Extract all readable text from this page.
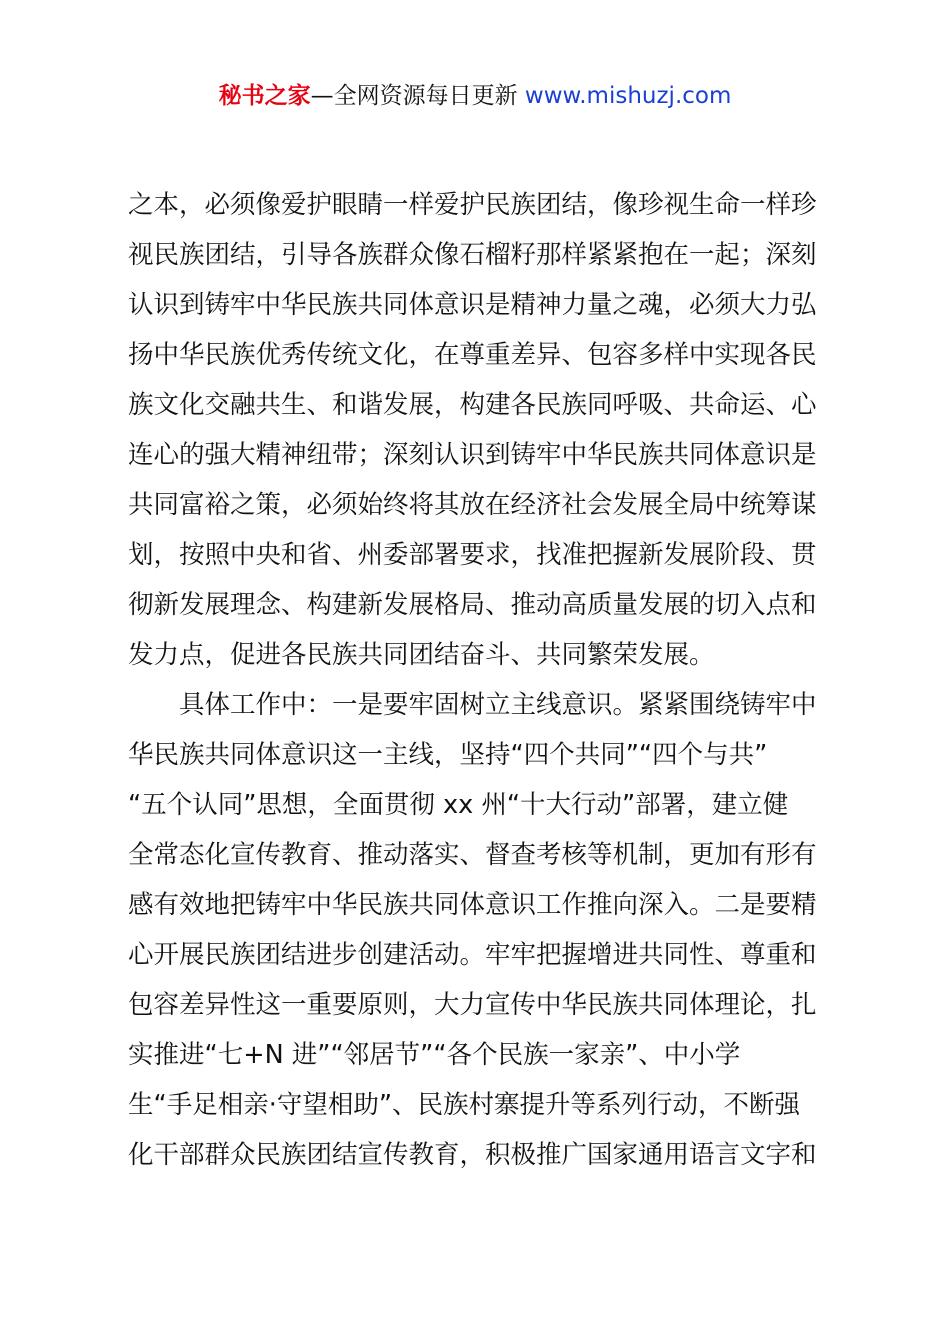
秘书之家—全网资源每日更新 www.mishuzj.com
之本，必须像爱护眼睛一样爱护民族团结，像珍视生命一样珍
视民族团结，引导各族群众像石榴籽那样紧紧抱在一起；深刻
认识到铸牢中华民族共同体意识是精神力量之魂，必须大力弘
扬中华民族优秀传统文化，在尊重差异、包容多样中实现各民
族文化交融共生、和谐发展，构建各民族同呼吸、共命运、心
连心的强大精神纽带；深刻认识到铸牢中华民族共同体意识是
共同富裕之策，必须始终将其放在经济社会发展全局中统筹谋
划，按照中央和省、州委部署要求，找准把握新发展阶段、贯
彻新发展理念、构建新发展格局、推动高质量发展的切入点和
发力点，促进各民族共同团结奋斗、共同繁荣发展。
具体工作中：一是要牢固树立主线意识。紧紧围绕铸牢中
华民族共同体意识这一主线，坚持“四个共同”“四个与共”
“五个认同”思想，全面贯彻 xx 州“十大行动”部署，建立健
全常态化宣传教育、推动落实、督查考核等机制，更加有形有
感有效地把铸牢中华民族共同体意识工作推向深入。二是要精
心开展民族团结进步创建活动。牢牢把握增进共同性、尊重和
包容差异性这一重要原则，大力宣传中华民族共同体理论，扎
实推进“七+N 进”“邻居节”“各个民族一家亲”、中小学
生“手足相亲·守望相助”、民族村寨提升等系列行动，不断强
化干部群众民族团结宣传教育，积极推广国家通用语言文字和
